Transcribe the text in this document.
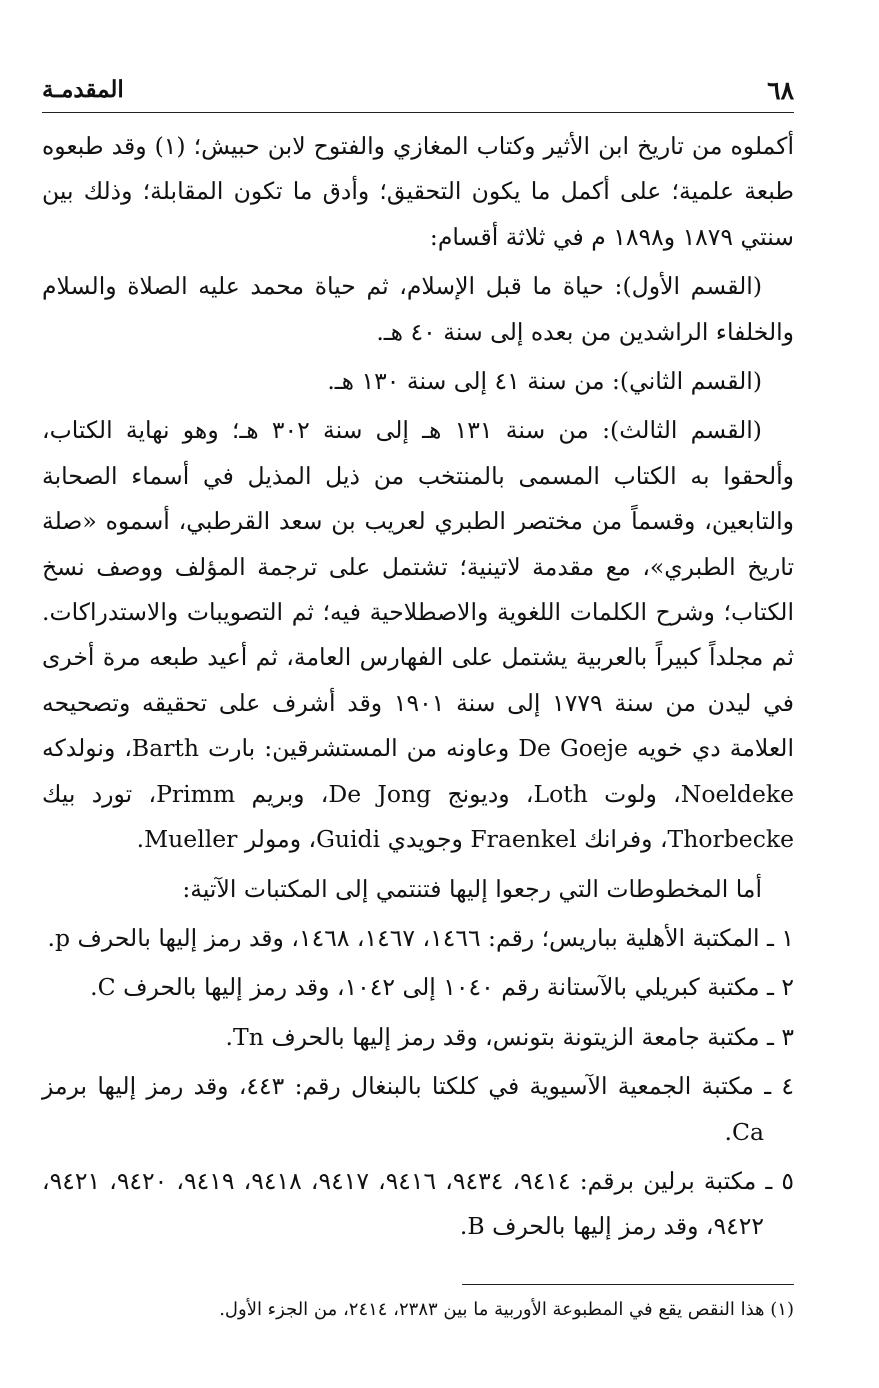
٦٨
المقدمـة

أكملوه من تاريخ ابن الأثير وكتاب المغازي والفتوح لابن حبيش؛ (١) وقد طبعوه طبعة علمية؛ على أكمل ما يكون التحقيق؛ وأدق ما تكون المقابلة؛ وذلك بين سنتي ١٨٧٩ و١٨٩٨ م في ثلاثة أقسام:

(القسم الأول): حياة ما قبل الإسلام، ثم حياة محمد عليه الصلاة والسلام والخلفاء الراشدين من بعده إلى سنة ٤٠ هـ.

(القسم الثاني): من سنة ٤١ إلى سنة ١٣٠ هـ.

(القسم الثالث): من سنة ١٣١ هـ إلى سنة ٣٠٢ هـ؛ وهو نهاية الكتاب، وألحقوا به الكتاب المسمى بالمنتخب من ذيل المذيل في أسماء الصحابة والتابعين، وقسماً من مختصر الطبري لعريب بن سعد القرطبي، أسموه «صلة تاريخ الطبري»، مع مقدمة لاتينية؛ تشتمل على ترجمة المؤلف ووصف نسخ الكتاب؛ وشرح الكلمات اللغوية والاصطلاحية فيه؛ ثم التصويبات والاستدراكات. ثم مجلداً كبيراً بالعربية يشتمل على الفهارس العامة، ثم أعيد طبعه مرة أخرى في ليدن من سنة ١٧٧٩ إلى سنة ١٩٠١ وقد أشرف على تحقيقه وتصحيحه العلامة دي خويه De Goeje وعاونه من المستشرقين: بارت Barth، ونولدكه Noeldeke، ولوت Loth، وديونج De Jong، وبريم Primm، تورد بيك Thorbecke، وفرانك Fraenkel وجويدي Guidi، ومولر Mueller.

أما المخطوطات التي رجعوا إليها فتنتمي إلى المكتبات الآتية:

١ ـ المكتبة الأهلية بباريس؛ رقم: ١٤٦٦، ١٤٦٧، ١٤٦٨، وقد رمز إليها بالحرف p.

٢ ـ مكتبة كبريلي بالآستانة رقم ١٠٤٠ إلى ١٠٤٢، وقد رمز إليها بالحرف C.

٣ ـ مكتبة جامعة الزيتونة بتونس، وقد رمز إليها بالحرف Tn.

٤ ـ مكتبة الجمعية الآسيوية في كلكتا بالبنغال رقم: ٤٤٣، وقد رمز إليها برمز Ca.

٥ ـ مكتبة برلين برقم: ٩٤١٤، ٩٤٣٤، ٩٤١٦، ٩٤١٧، ٩٤١٨، ٩٤١٩، ٩٤٢٠، ٩٤٢١، ٩٤٢٢، وقد رمز إليها بالحرف B.

(١) هذا النقص يقع في المطبوعة الأوربية ما بين ٢٣٨٣، ٢٤١٤، من الجزء الأول.
